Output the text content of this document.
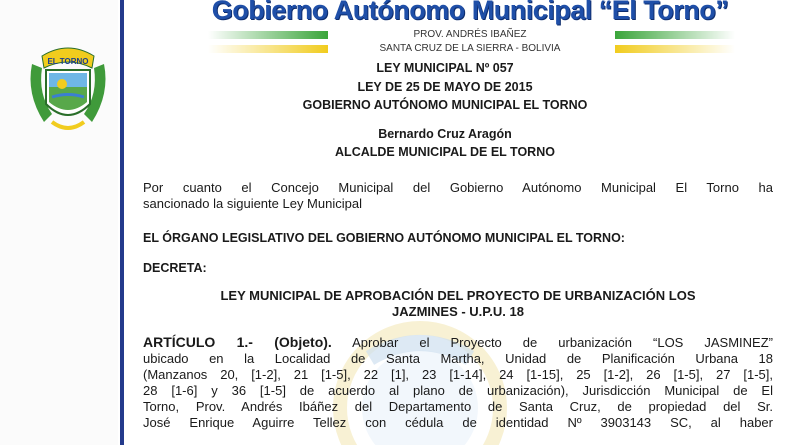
EL TORNO
Gobierno Autónomo Municipal “El Torno”
PROV. ANDRÉS IBAÑEZ
SANTA CRUZ DE LA SIERRA - BOLIVIA
LEY MUNICIPAL Nº 057
LEY DE 25 DE MAYO DE 2015
GOBIERNO AUTÓNOMO MUNICIPAL EL TORNO
Bernardo Cruz Aragón
ALCALDE MUNICIPAL DE EL TORNO
Por cuanto el Concejo Municipal del Gobierno Autónomo Municipal El Torno ha
sancionado la siguiente Ley Municipal
EL ÓRGANO LEGISLATIVO DEL GOBIERNO AUTÓNOMO MUNICIPAL EL TORNO:
DECRETA:
LEY MUNICIPAL DE APROBACIÓN DEL PROYECTO DE URBANIZACIÓN LOS
JAZMINES - U.P.U. 18
ARTÍCULO 1.- (Objeto). Aprobar el Proyecto de urbanización “LOS JASMINEZ”
ubicado en la Localidad de Santa Martha, Unidad de Planificación Urbana 18
(Manzanos 20, [1-2], 21 [1-5], 22 [1], 23 [1-14], 24 [1-15], 25 [1-2], 26 [1-5], 27 [1-5],
28 [1-6] y 36 [1-5] de acuerdo al plano de urbanización), Jurisdicción Municipal de El
Torno, Prov. Andrés Ibáñez del Departamento de Santa Cruz, de propiedad del Sr.
José Enrique Aguirre Tellez con cédula de identidad Nº 3903143 SC, al haber
